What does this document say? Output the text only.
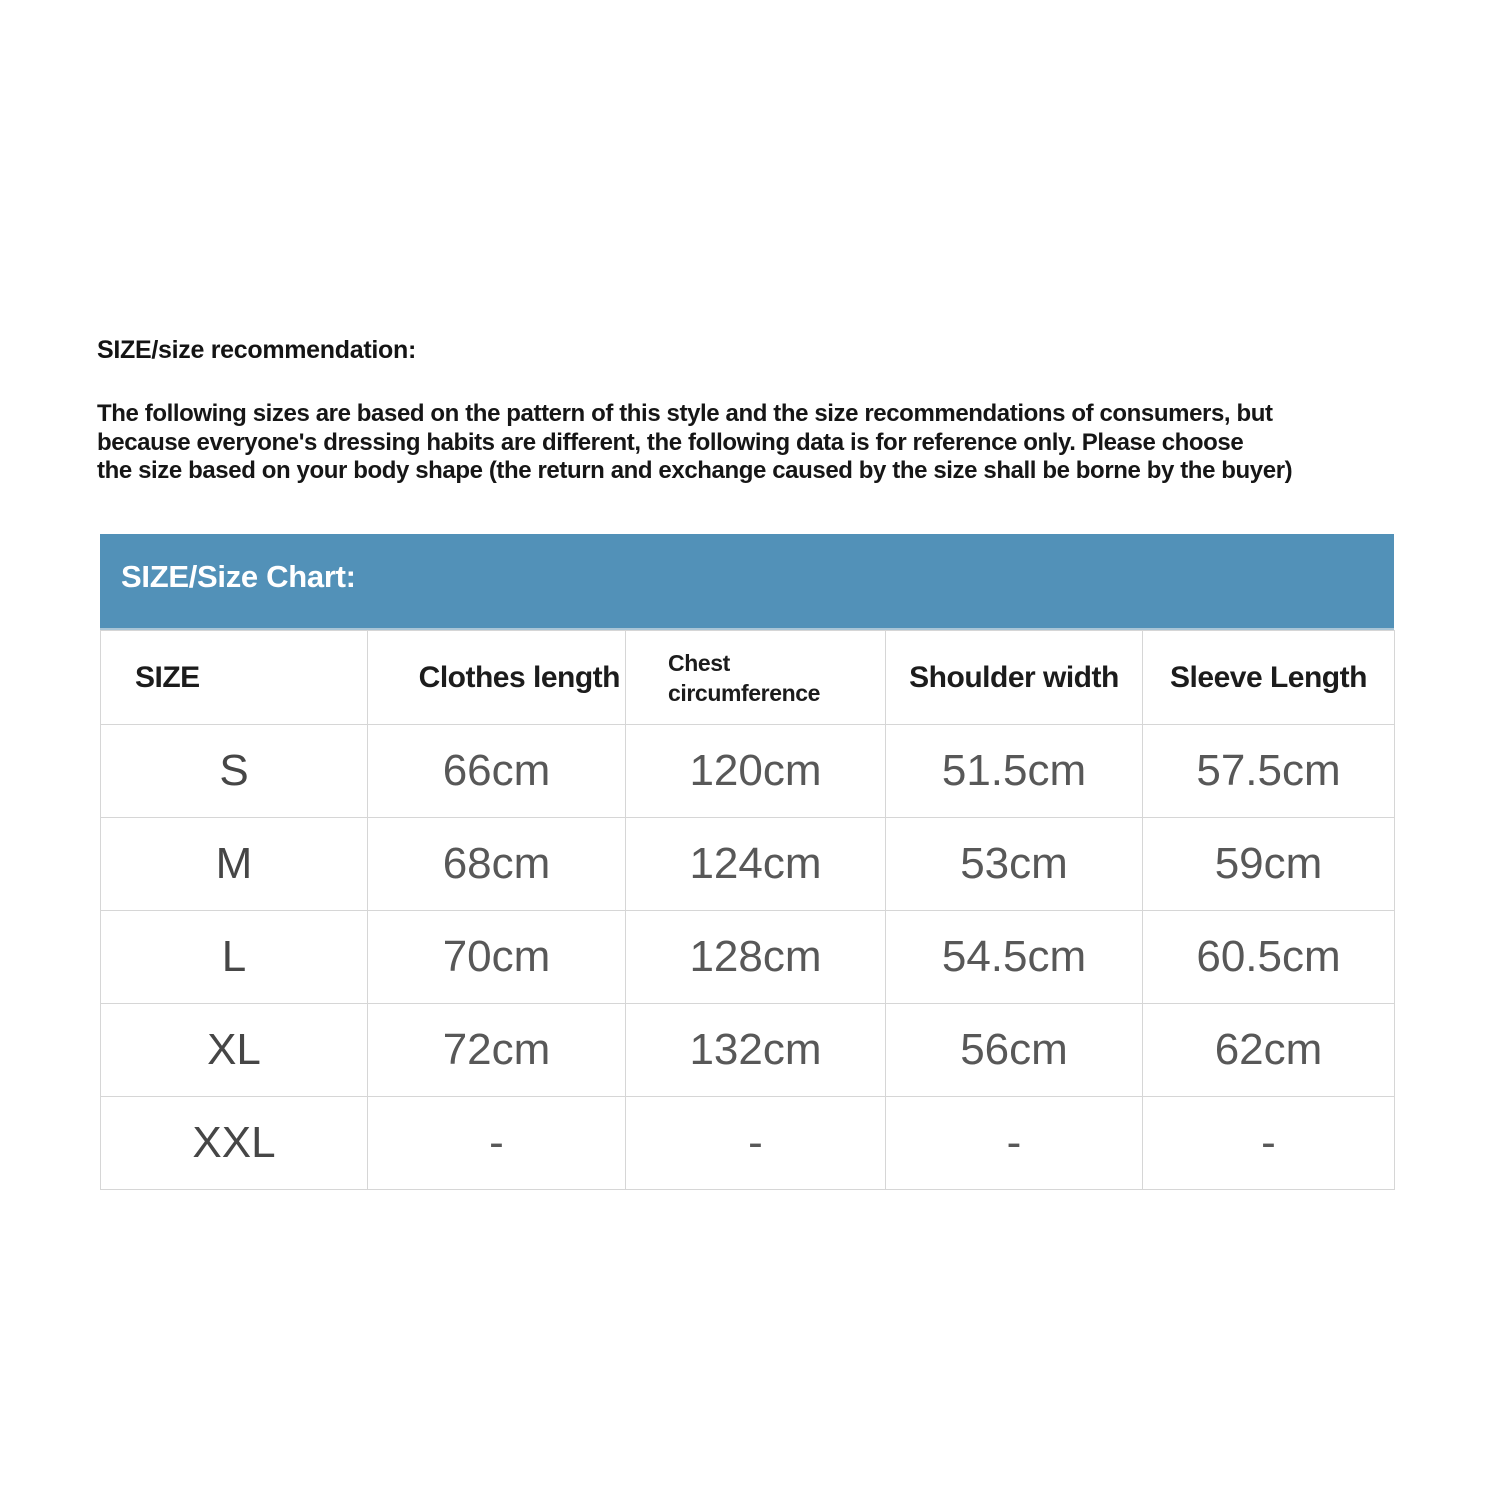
SIZE/size recommendation:
The following sizes are based on the pattern of this style and the size recommendations of consumers, but
because everyone's dressing habits are different, the following data is for reference only. Please choose
the size based on your body shape (the return and exchange caused by the size shall be borne by the buyer)
SIZE/Size Chart:
SIZE	Clothes length	Chest circumference	Shoulder width	Sleeve Length
S	66cm	120cm	51.5cm	57.5cm
M	68cm	124cm	53cm	59cm
L	70cm	128cm	54.5cm	60.5cm
XL	72cm	132cm	56cm	62cm
XXL	-	-	-	-
